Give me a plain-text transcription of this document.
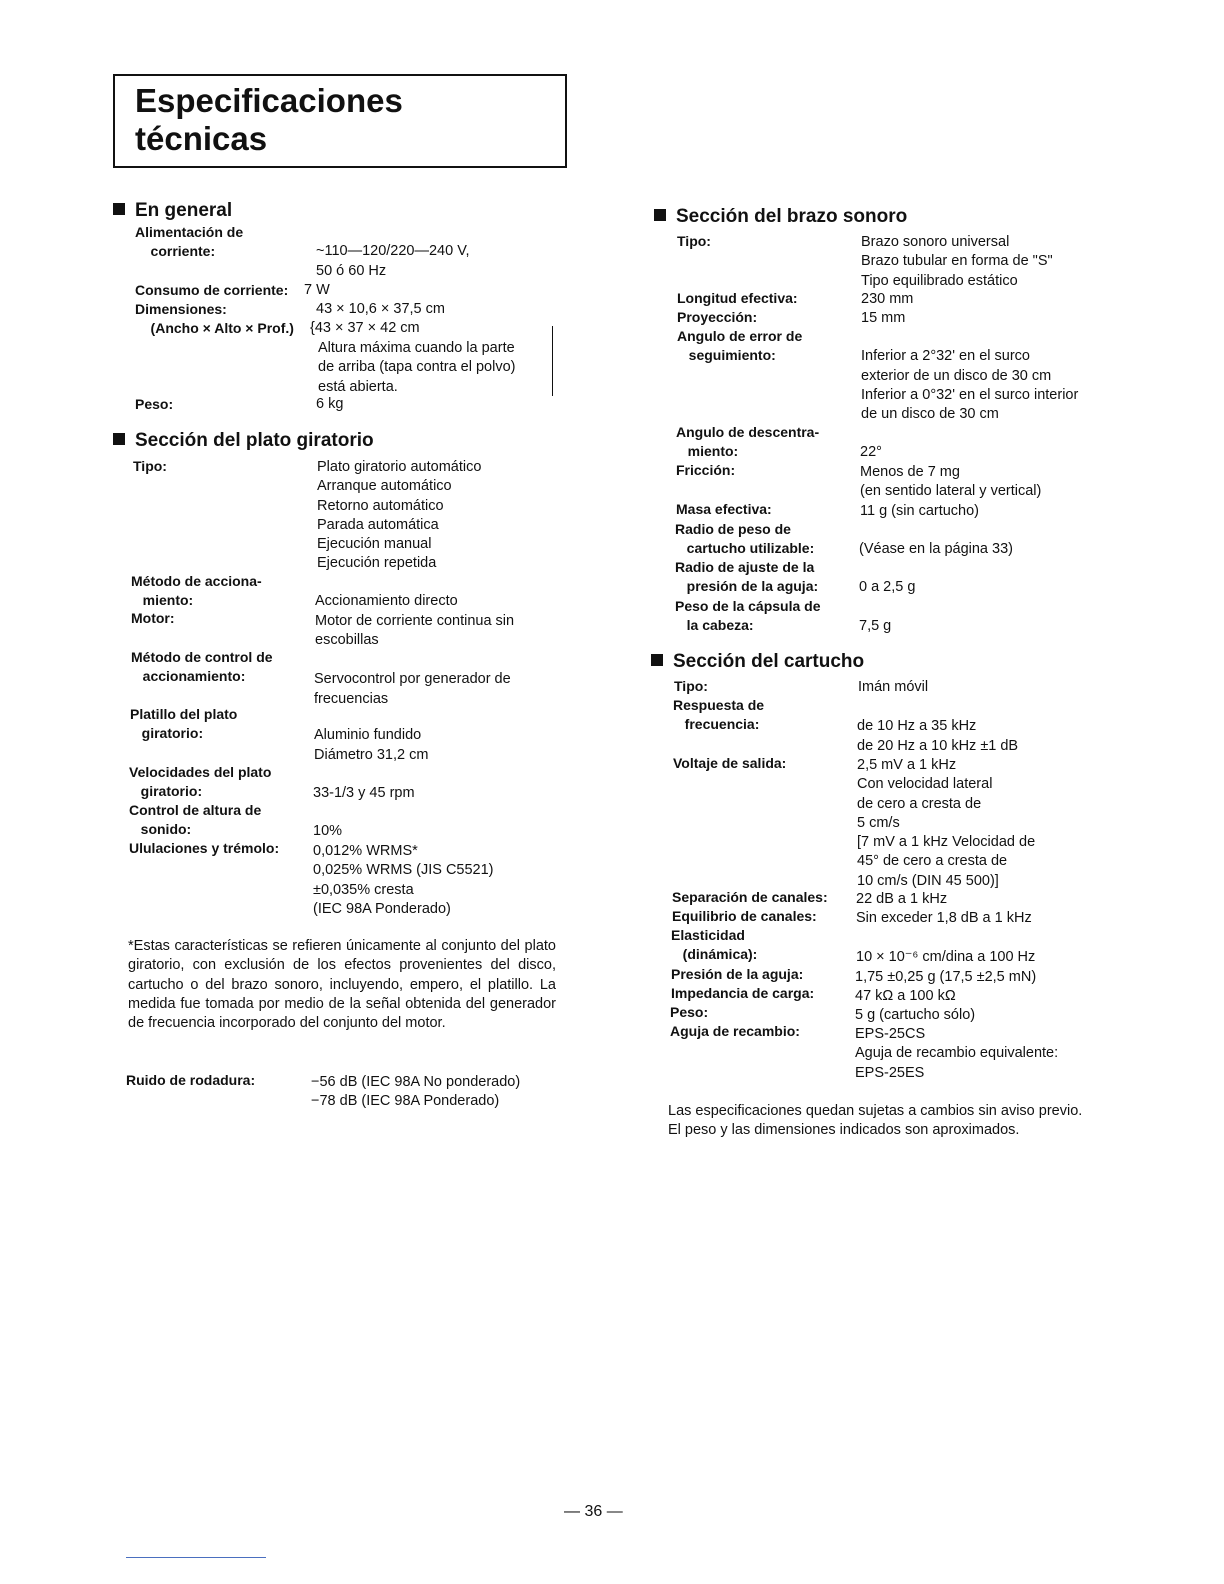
Especificaciones
técnicas
En general
Alimentación de
corriente:	
~110—120/220—240 V,
50 ó 60 Hz
Consumo de corriente: 7 W
Dimensiones:	43 × 10,6 × 37,5 cm
(Ancho × Alto × Prof.) {43 × 37 × 42 cm
Altura máxima cuando la parte
de arriba (tapa contra el polvo)
está abierta.
Peso:	6 kg
Sección del plato giratorio
Tipo:	Plato giratorio automático
Arranque automático
Retorno automático
Parada automática
Ejecución manual
Ejecución repetida
Método de acciona-
miento:	
Accionamiento directo
Motor:	Motor de corriente continua sin
escobillas
Método de control de
accionamiento:	
Servocontrol por generador de
frecuencias
Platillo del plato
giratorio:	
Aluminio fundido
Diámetro 31,2 cm
Velocidades del plato
giratorio:	
33-1/3 y 45 rpm
Control de altura de
sonido:	
10%
Ululaciones y trémolo: 0,012% WRMS*
0,025% WRMS (JIS C5521)
±0,035% cresta
(IEC 98A Ponderado)
*Estas características se refieren únicamente al conjunto del plato giratorio, con exclusión de los efectos provenientes del disco, cartucho o del brazo sonoro, incluyendo, empero, el platillo. La medida fue tomada por medio de la señal obtenida del generador de frecuencia incorporado del conjunto del motor.
Ruido de rodadura:	−56 dB (IEC 98A No ponderado)
−78 dB (IEC 98A Ponderado)
Sección del brazo sonoro
Tipo:	Brazo sonoro universal
Brazo tubular en forma de "S"
Tipo equilibrado estático
Longitud efectiva:	230 mm
Proyección:	15 mm
Angulo de error de
seguimiento:	
Inferior a 2°32' en el surco
exterior de un disco de 30 cm
Inferior a 0°32' en el surco interior
de un disco de 30 cm
Angulo de descentra-
miento:	
22°
Fricción:	Menos de 7 mg
(en sentido lateral y vertical)
Masa efectiva:	11 g (sin cartucho)
Radio de peso de
cartucho utilizable:	
(Véase en la página 33)
Radio de ajuste de la
presión de la aguja:	
0 a 2,5 g
Peso de la cápsula de
la cabeza:	
7,5 g
Sección del cartucho
Tipo:	Imán móvil
Respuesta de
frecuencia:	
de 10 Hz a 35 kHz
de 20 Hz a 10 kHz ±1 dB
Voltaje de salida:	2,5 mV a 1 kHz
Con velocidad lateral
de cero a cresta de
5 cm/s
[7 mV a 1 kHz Velocidad de
45° de cero a cresta de
10 cm/s (DIN 45 500)]
Separación de canales: 22 dB a 1 kHz
Equilibrio de canales:	Sin exceder 1,8 dB a 1 kHz
Elasticidad
(dinámica):	
10 × 10⁻⁶ cm/dina a 100 Hz
Presión de la aguja:	1,75 ±0,25 g (17,5 ±2,5 mN)
Impedancia de carga:	47 kΩ a 100 kΩ
Peso:	5 g (cartucho sólo)
Aguja de recambio:	EPS-25CS
Aguja de recambio equivalente:
EPS-25ES
Las especificaciones quedan sujetas a cambios sin aviso previo.
El peso y las dimensiones indicados son aproximados.
— 36 —
